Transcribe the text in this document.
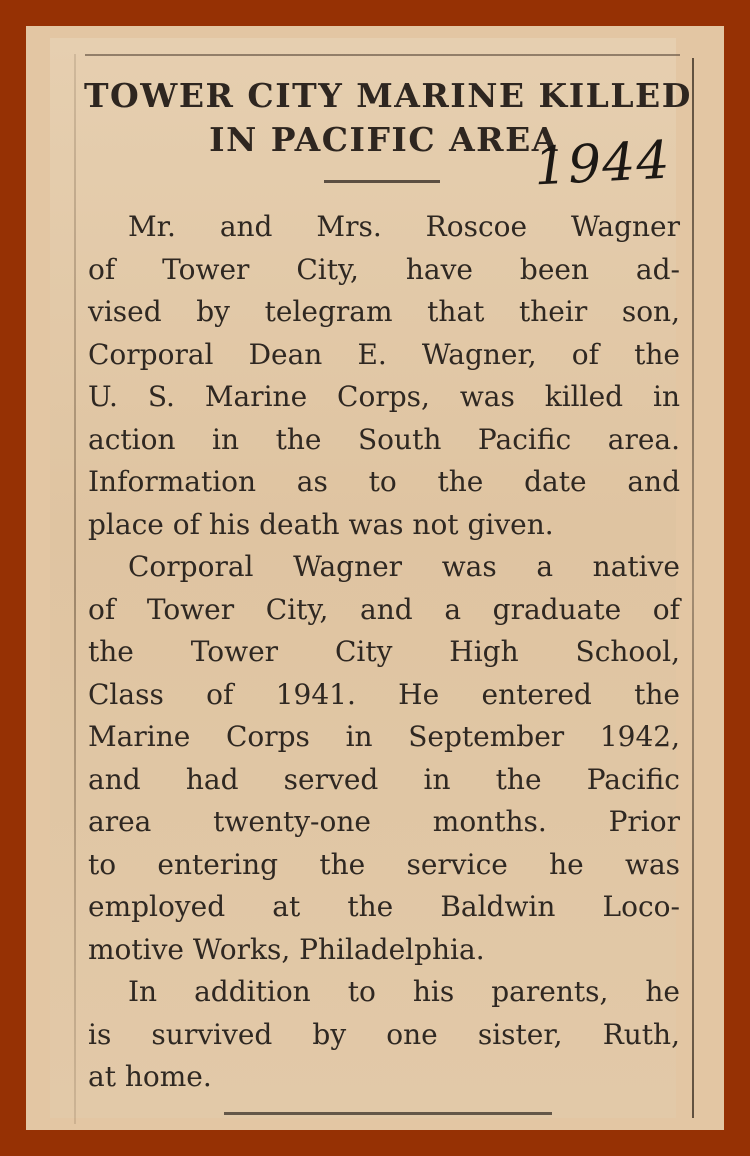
TOWER CITY MARINE KILLED
IN PACIFIC AREA
1944
Mr. and Mrs. Roscoe Wagner
of Tower City, have been ad-
vised by telegram that their son,
Corporal Dean E. Wagner, of the
U. S. Marine Corps, was killed in
action in the South Pacific area.
Information as to the date and
place of his death was not given.
Corporal Wagner was a native
of Tower City, and a graduate of
the Tower City High School,
Class of 1941. He entered the
Marine Corps in September 1942,
and had served in the Pacific
area twenty-one months. Prior
to entering the service he was
employed at the Baldwin Loco-
motive Works, Philadelphia.
In addition to his parents, he
is survived by one sister, Ruth,
at home.
